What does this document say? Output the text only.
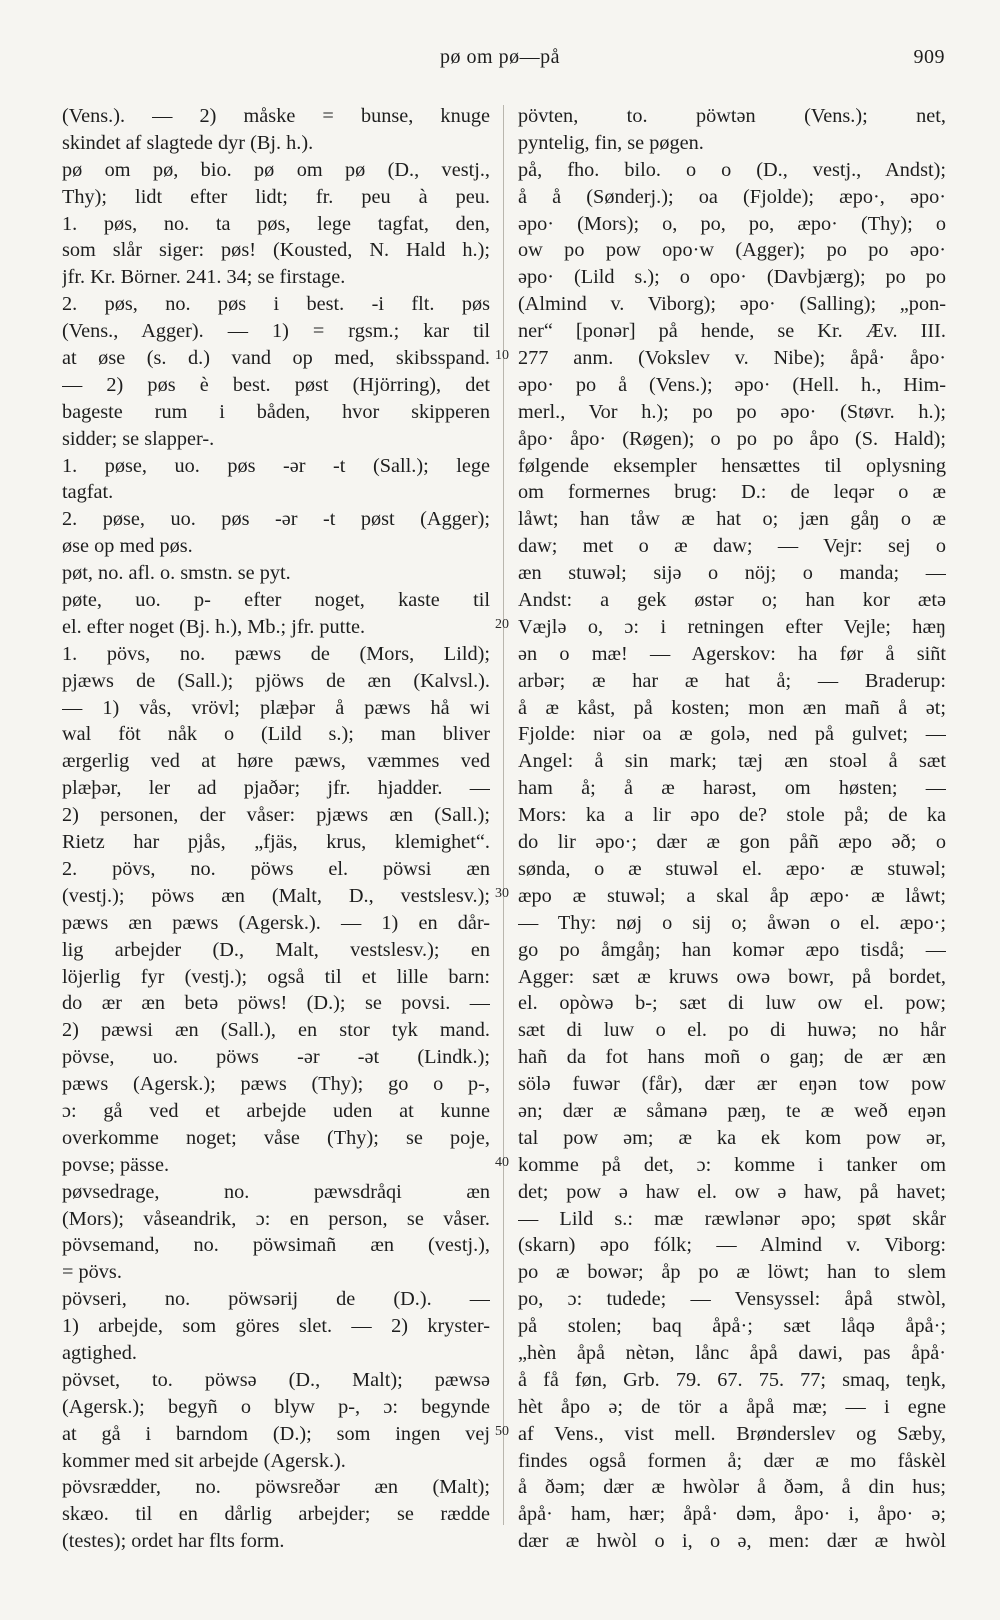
pø om pø—på	909
(Vens.). — 2) måske = bunse, knuge
skindet af slagtede dyr (Bj. h.).
pø om pø, bio. pø om pø (D., vestj.,
Thy); lidt efter lidt; fr. peu à peu.
1. pøs, no. ta pøs, lege tagfat, den,
som slår siger: pøs! (Kousted, N. Hald h.);
jfr. Kr. Börner. 241. 34; se firstage.
2. pøs, no. pøs i best. -i flt. pøs
(Vens., Agger). — 1) = rgsm.; kar til
at øse (s. d.) vand op med, skibsspand.
— 2) pøs è best. pøst (Hjörring), det
bageste rum i båden, hvor skipperen
sidder; se slapper-.
1. pøse, uo. pøs -ər -t (Sall.); lege
tagfat.
2. pøse, uo. pøs -ər -t pøst (Agger);
øse op med pøs.
pøt, no. afl. o. smstn. se pyt.
pøte, uo. p- efter noget, kaste til
el. efter noget (Bj. h.), Mb.; jfr. putte.
1. pövs, no. pæws de (Mors, Lild);
pjæws de (Sall.); pjöws de æn (Kalvsl.).
— 1) vås, vrövl; plæþər å pæws hå wi
wal föt nåk o (Lild s.); man bliver
ærgerlig ved at høre pæws, væmmes ved
plæþər, ler ad pjaðər; jfr. hjadder. —
2) personen, der våser: pjæws æn (Sall.);
Rietz har pjås, „fjäs, krus, klemighet“.
2. pövs, no. pöws el. pöwsi æn
(vestj.); pöws æn (Malt, D., vestslesv.);
pæws æn pæws (Agersk.). — 1) en dår-
lig arbejder (D., Malt, vestslesv.); en
löjerlig fyr (vestj.); også til et lille barn:
do ær æn betə pöws! (D.); se povsi. —
2) pæwsi æn (Sall.), en stor tyk mand.
pövse, uo. pöws -ər -ət (Lindk.);
pæws (Agersk.); pæws (Thy); go o p-,
ɔ: gå ved et arbejde uden at kunne
overkomme noget; våse (Thy); se poje,
povse; pässe.
pøvsedrage, no. pæwsdråqi æn
(Mors); våseandrik, ɔ: en person, se våser.
pövsemand, no. pöwsimañ æn (vestj.),
= pövs.
pövseri, no. pöwsərij de (D.). —
1) arbejde, som göres slet. — 2) kryster-
agtighed.
pövset, to. pöwsə (D., Malt); pæwsə
(Agersk.); begyñ o blyw p-, ɔ: begynde
at gå i barndom (D.); som ingen vej
kommer med sit arbejde (Agersk.).
pövsrædder, no. pöwsreðər æn (Malt);
skæo. til en dårlig arbejder; se rædde
(testes); ordet har flts form.
pövten, to. pöwtən (Vens.); net,
pyntelig, fin, se pøgen.
på, fho. bilo. o o (D., vestj., Andst);
å å (Sønderj.); oa (Fjolde); æpo·, əpo·
əpo· (Mors); o, po, po, æpo· (Thy); o
ow po pow opo·w (Agger); po po əpo·
əpo· (Lild s.); o opo· (Davbjærg); po po
(Almind v. Viborg); əpo· (Salling); „pon-
ner“ [ponər] på hende, se Kr. Æv. III.
277 anm. (Vokslev v. Nibe); åpå· åpo·
əpo· po å (Vens.); əpo· (Hell. h., Him-
merl., Vor h.); po po əpo· (Støvr. h.);
åpo· åpo· (Røgen); o po po åpo (S. Hald);
følgende eksempler hensættes til oplysning
om formernes brug: D.: de leqər o æ
låwt; han tåw æ hat o; jæn gåŋ o æ
daw; met o æ daw; — Vejr: sej o
æn stuwəl; sijə o nöj; o manda; —
Andst: a gek østər o; han kor ætə
Væjlə o, ɔ: i retningen efter Vejle; hæŋ
ən o mæ! — Agerskov: ha før å siñt
arbər; æ har æ hat å; — Braderup:
å æ kåst, på kosten; mon æn mañ å ət;
Fjolde: niər oa æ golə, ned på gulvet; —
Angel: å sin mark; tæj æn stoəl å sæt
ham å; å æ harəst, om høsten; —
Mors: ka a lir əpo de? stole på; de ka
do lir əpo·; dær æ gon påñ æpo əð; o
sønda, o æ stuwəl el. æpo· æ stuwəl;
æpo æ stuwəl; a skal åp æpo· æ låwt;
— Thy: nøj o sij o; åwən o el. æpo·;
go po åmgåŋ; han komər æpo tisdå; —
Agger: sæt æ kruws owə bowr, på bordet,
el. opòwə b-; sæt di luw ow el. pow;
sæt di luw o el. po di huwə; no hår
hañ da fot hans moñ o gaŋ; de ær æn
sölə fuwər (får), dær ær eŋən tow pow
ən; dær æ såmanə pæŋ, te æ weð eŋən
tal pow əm; æ ka ek kom pow ər,
komme på det, ɔ: komme i tanker om
det; pow ə haw el. ow ə haw, på havet;
— Lild s.: mæ ræwlənər əpo; spøt skår
(skarn) əpo fólk; — Almind v. Viborg:
po æ bowər; åp po æ löwt; han to slem
po, ɔ: tudede; — Vensyssel: åpå stwòl,
på stolen; baq åpå·; sæt låqə åpå·;
„hèn åpå nètən, lånc åpå dawi, pas åpå·
å få føn, Grb. 79. 67. 75. 77; smaq, teŋk,
hèt åpo ə; de tör a åpå mæ; — i egne
af Vens., vist mell. Brønderslev og Sæby,
findes også formen å; dær æ mo fåskèl
å ðəm; dær æ hwòlər å ðəm, å din hus;
åpå· ham, hær; åpå· dəm, åpo· i, åpo· ə;
dær æ hwòl o i, o ə, men: dær æ hwòl
10
20
30
40
50
